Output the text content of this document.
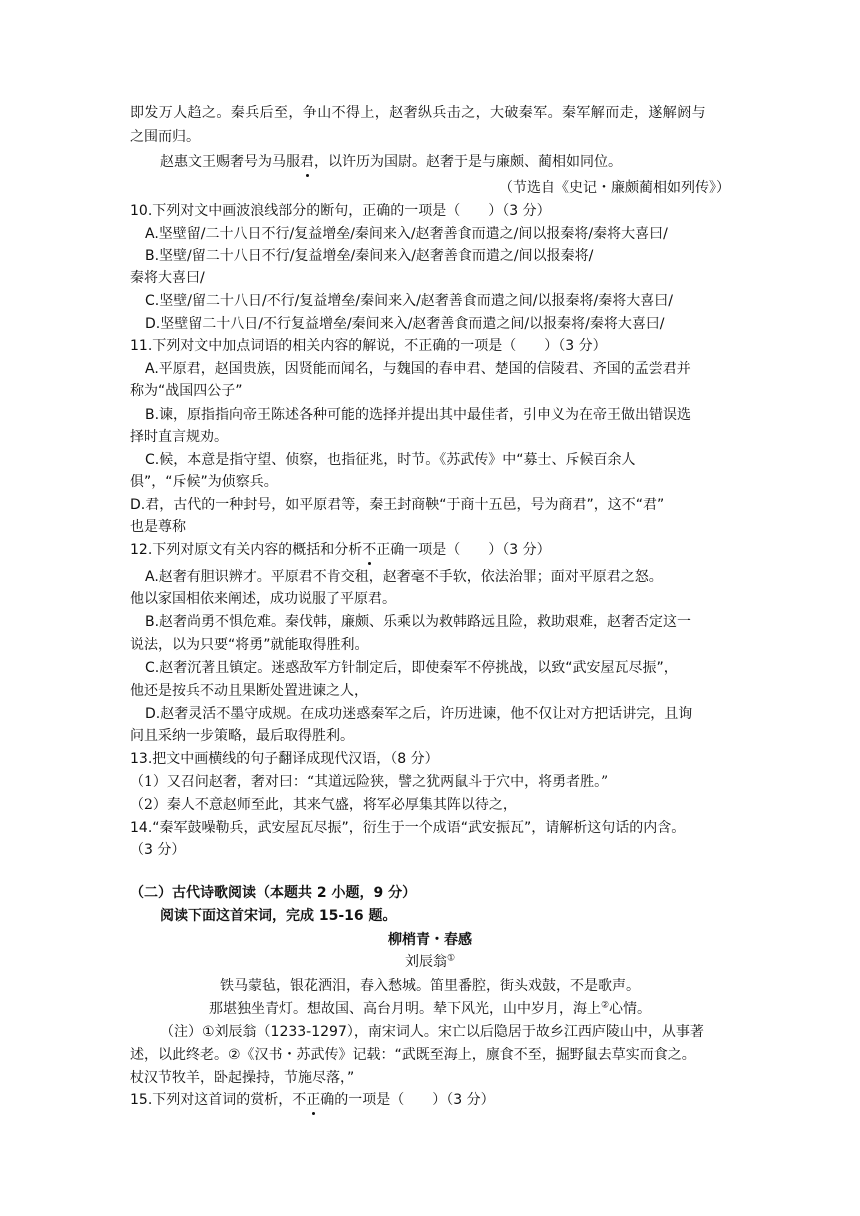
即发万人趋之。秦兵后至，争山不得上，赵奢纵兵击之，大破秦军。秦军解而走，遂解阏与
之围而归。
赵惠文王赐奢号为马服君，以许历为国尉。赵奢于是与廉颇、蔺相如同位。
（节选自《史记・廉颇蔺相如列传》）
10.下列对文中画波浪线部分的断句，正确的一项是（　　）（3 分）
A.坚壁留/二十八日不行/复益增垒/秦间来入/赵奢善食而遣之/间以报秦将/秦将大喜曰/
B.坚壁/留二十八日不行/复益增垒/秦间来入/赵奢善食而遣之/间以报秦将/
秦将大喜曰/
C.坚壁/留二十八日/不行/复益增垒/秦间来入/赵奢善食而遣之间/以报秦将/秦将大喜曰/
D.坚壁留二十八日/不行复益增垒/秦间来入/赵奢善食而遣之间/以报秦将/秦将大喜曰/
11.下列对文中加点词语的相关内容的解说，不正确的一项是（　　）（3 分）
A.平原君，赵国贵族，因贤能而闻名，与魏国的春申君、楚国的信陵君、齐国的孟尝君并
称为“战国四公子”
B.谏，原指指向帝王陈述各种可能的选择并提出其中最佳者，引申义为在帝王做出错误选
择时直言规劝。
C.候，本意是指守望、侦察，也指征兆，时节。《苏武传》中“募士、斥候百余人
俱”，“斥候”为侦察兵。
D.君，古代的一种封号，如平原君等，秦王封商鞅“于商十五邑，号为商君”，这不“君”
也是尊称
12.下列对原文有关内容的概括和分析不正确一项是（　　）（3 分）
A.赵奢有胆识辨才。平原君不肯交租，赵奢毫不手软，依法治罪；面对平原君之怒。
他以家国相依来阐述，成功说服了平原君。
B.赵奢尚勇不惧危难。秦伐韩，廉颇、乐乘以为救韩路远且险，救助艰难，赵奢否定这一
说法，以为只要“将勇”就能取得胜利。
C.赵奢沉著且镇定。迷惑敌军方针制定后，即使秦军不停挑战，以致“武安屋瓦尽振”，
他还是按兵不动且果断处置进谏之人，
D.赵奢灵活不墨守成规。在成功迷惑秦军之后，许历进谏，他不仅让对方把话讲完，且询
问且采纳一步策略，最后取得胜利。
13.把文中画横线的句子翻译成现代汉语，（8 分）
（1）又召问赵奢，奢对曰：“其道远险狭，譬之犹两鼠斗于穴中，将勇者胜。”
（2）秦人不意赵师至此，其来气盛，将军必厚集其阵以待之，
14.“秦军鼓噪勒兵，武安屋瓦尽振”，衍生于一个成语“武安振瓦”，请解析这句话的内含。
（3 分）
（二）古代诗歌阅读（本题共 2 小题，9 分）
阅读下面这首宋词，完成 15-16 题。
柳梢青・春感
刘辰翁①
铁马蒙毡，银花洒泪，春入愁城。笛里番腔，街头戏鼓，不是歌声。
那堪独坐青灯。想故国、高台月明。辇下风光，山中岁月，海上②心情。
（注）①刘辰翁（1233-1297），南宋词人。宋亡以后隐居于故乡江西庐陵山中，从事著
述，以此终老。②《汉书・苏武传》记载：“武既至海上，廪食不至，掘野鼠去草实而食之。
杖汉节牧羊，卧起操持，节施尽落，”
15.下列对这首词的赏析，不正确的一项是（　　）（3 分）
